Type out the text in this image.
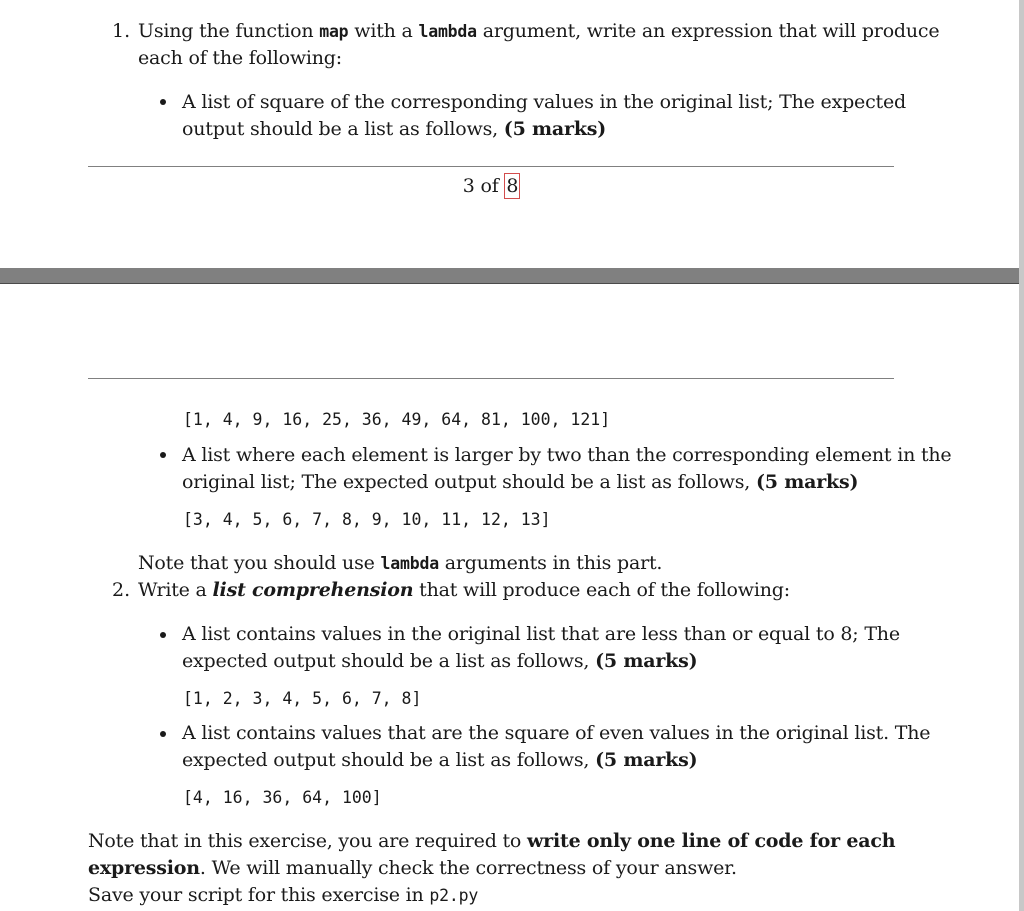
1. Using the function map with a lambda argument, write an expression that will produce
each of the following:
A list of square of the corresponding values in the original list; The expected
output should be a list as follows, (5 marks)
3 of 8
[1, 4, 9, 16, 25, 36, 49, 64, 81, 100, 121]
A list where each element is larger by two than the corresponding element in the
original list; The expected output should be a list as follows, (5 marks)
[3, 4, 5, 6, 7, 8, 9, 10, 11, 12, 13]
Note that you should use lambda arguments in this part.
2. Write a list comprehension that will produce each of the following:
A list contains values in the original list that are less than or equal to 8; The
expected output should be a list as follows, (5 marks)
[1, 2, 3, 4, 5, 6, 7, 8]
A list contains values that are the square of even values in the original list. The
expected output should be a list as follows, (5 marks)
[4, 16, 36, 64, 100]
Note that in this exercise, you are required to write only one line of code for each
expression. We will manually check the correctness of your answer.
Save your script for this exercise in p2.py
